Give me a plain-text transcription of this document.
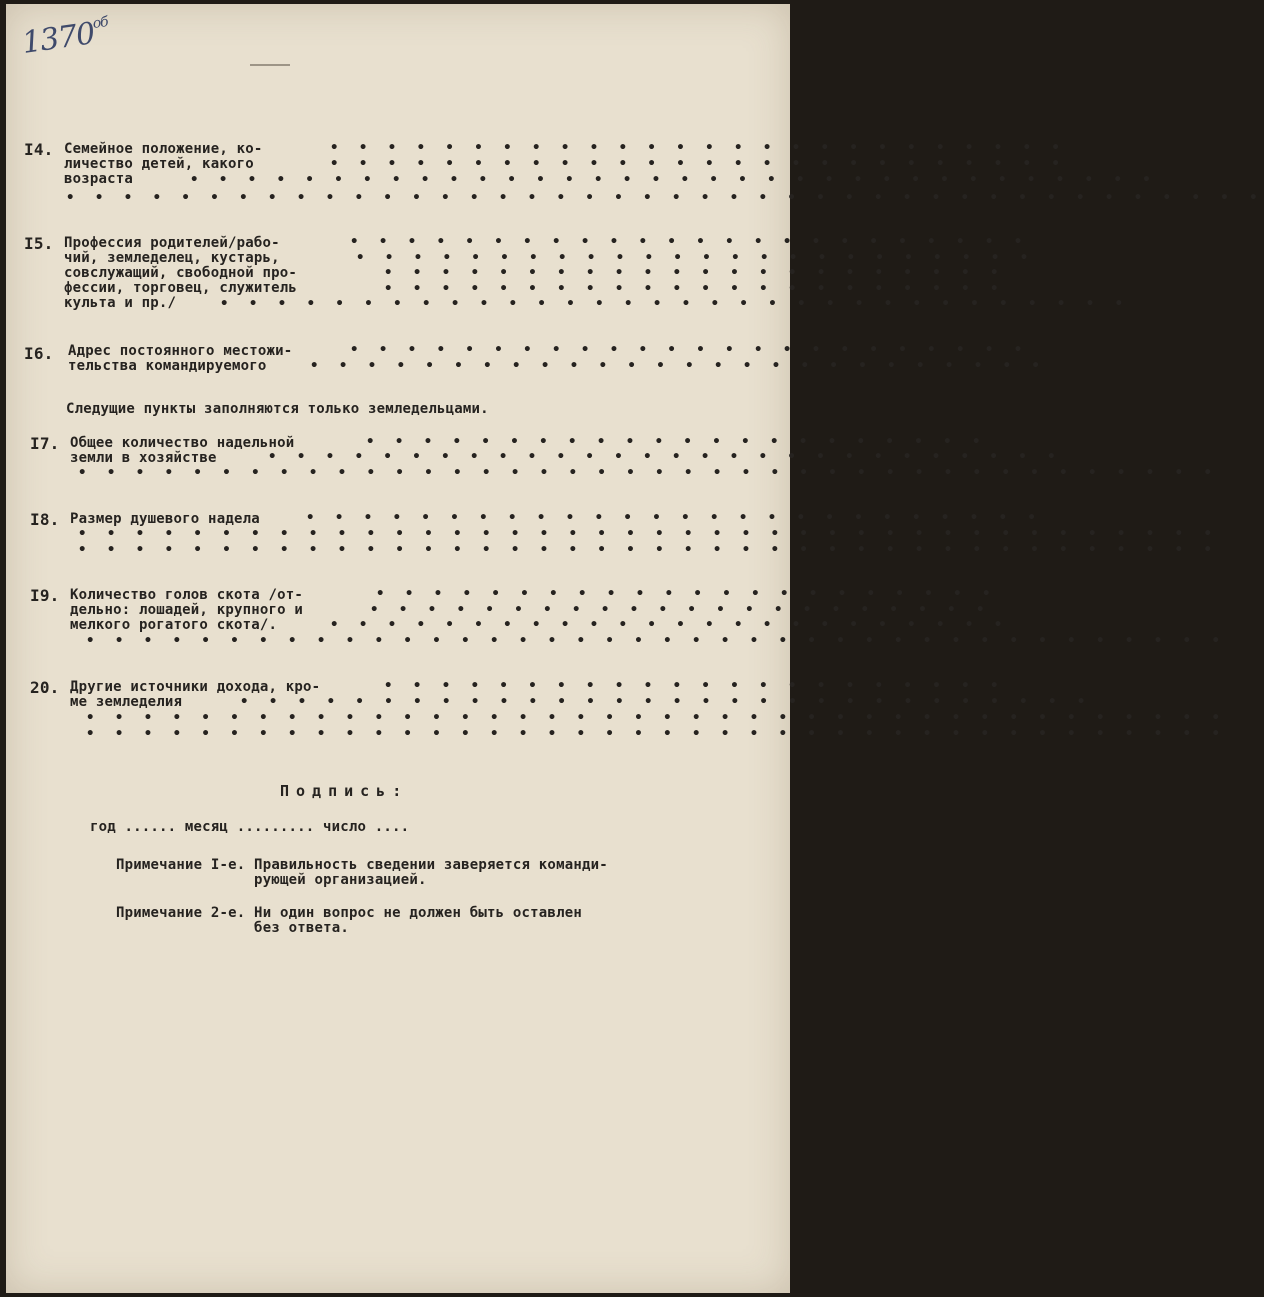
$1370^{об}$
I4. Семейное положение, ко-
личество детей, какого
возраста
• • • • • • • • • • • • • • • • • • • • • • • • • •
• • • • • • • • • • • • • • • • • • • • • • • • • •
• • • • • • • • • • • • • • • • • • • • • • • • • • • • • • • • • •
• • • • • • • • • • • • • • • • • • • • • • • • • • • • • • • • • • • • • • • • • •
I5. Профессия родителей/рабо-
чий, земледелец, кустарь,
совслужащий, свободной про-
фессии, торговец, служитель
культа и пр./
• • • • • • • • • • • • • • • • • • • • • • • •
• • • • • • • • • • • • • • • • • • • • • • • •
• • • • • • • • • • • • • • • • • • • • • •
• • • • • • • • • • • • • • • • • • • • • •
• • • • • • • • • • • • • • • • • • • • • • • • • • • • • • • •
I6. Адрес постоянного местожи-
тельства командируемого
• • • • • • • • • • • • • • • • • • • • • • • •
• • • • • • • • • • • • • • • • • • • • • • • • • •
Следущие пункты заполняются только земледельцами.
I7. Общее количество надельной
земли в хозяйстве
• • • • • • • • • • • • • • • • • • • • • •
• • • • • • • • • • • • • • • • • • • • • • • • • • • •
• • • • • • • • • • • • • • • • • • • • • • • • • • • • • • • • • • • • • • • •
I8. Размер душевого надела	• • • • • • • • • • • • • • • • • • • • • • • • • •
• • • • • • • • • • • • • • • • • • • • • • • • • • • • • • • • • • • • • • • •
• • • • • • • • • • • • • • • • • • • • • • • • • • • • • • • • • • • • • • • •
I9. Количество голов скота /от-
дельно: лошадей, крупного и
мелкого рогатого скота/.
• • • • • • • • • • • • • • • • • • • • • •
• • • • • • • • • • • • • • • • • • • • • •
• • • • • • • • • • • • • • • • • • • • • • • •
• • • • • • • • • • • • • • • • • • • • • • • • • • • • • • • • • • • • • • • •
20. Другие источники дохода, кро-
ме земледелия
• • • • • • • • • • • • • • • • • • • • • •
• • • • • • • • • • • • • • • • • • • • • • • • • • • • • •
• • • • • • • • • • • • • • • • • • • • • • • • • • • • • • • • • • • • • • • •
• • • • • • • • • • • • • • • • • • • • • • • • • • • • • • • • • • • • • • • •
Подпись:
год ...... месяц ......... число ....
Примечание I-е. Правильность сведении заверяется команди-
рующей организацией.
Примечание 2-е. Ни один вопрос не должен быть оставлен
без ответа.
